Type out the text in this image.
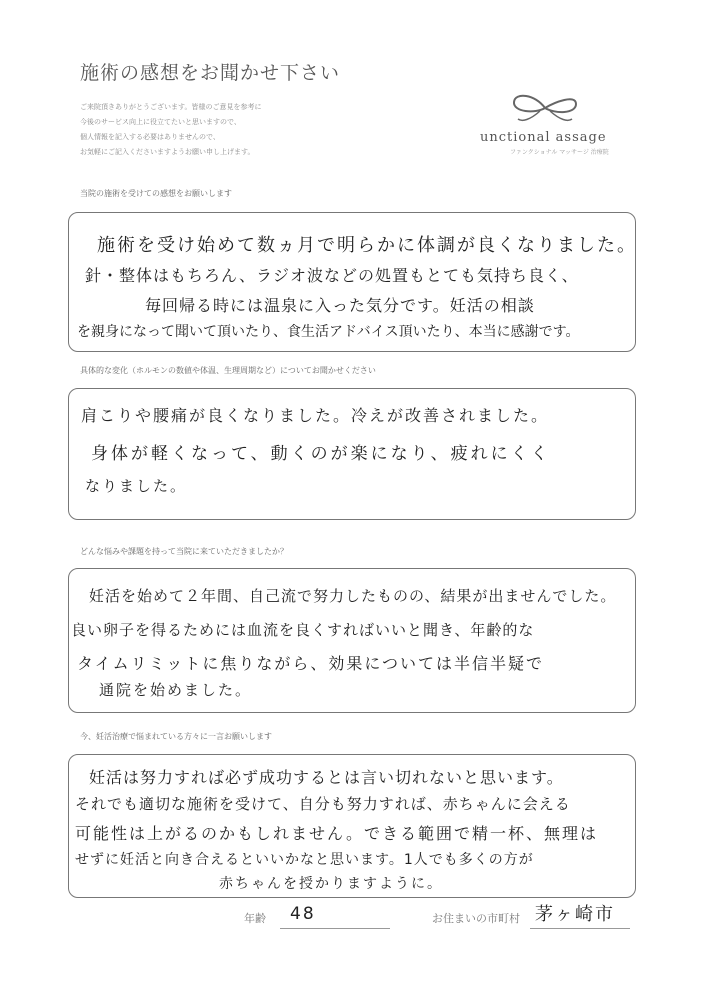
施術の感想をお聞かせ下さい
ご来院頂きありがとうございます。皆様のご意見を参考に
今後のサービス向上に役立てたいと思いますので、
個人情報を記入する必要はありませんので、
お気軽にご記入くださいますようお願い申し上げます。
unctional assage
ファンクショナル マッサージ 治療院
当院の施術を受けての感想をお願いします
施術を受け始めて数ヵ月で明らかに体調が良くなりました。
針・整体はもちろん、ラジオ波などの処置もとても気持ち良く、
毎回帰る時には温泉に入った気分です。妊活の相談
を親身になって聞いて頂いたり、食生活アドバイス頂いたり、本当に感謝です。
具体的な変化（ホルモンの数値や体温、生理周期など）についてお聞かせください
肩こりや腰痛が良くなりました。冷えが改善されました。
身体が軽くなって、動くのが楽になり、疲れにくく
なりました。
どんな悩みや課題を持って当院に来ていただきましたか？
妊活を始めて２年間、自己流で努力したものの、結果が出ませんでした。
良い卵子を得るためには血流を良くすればいいと聞き、年齢的な
タイムリミットに焦りながら、効果については半信半疑で
通院を始めました。
今、妊活治療で悩まれている方々に一言お願いします
妊活は努力すれば必ず成功するとは言い切れないと思います。
それでも適切な施術を受けて、自分も努力すれば、赤ちゃんに会える
可能性は上がるのかもしれません。できる範囲で精一杯、無理は
せずに妊活と向き合えるといいかなと思います。1人でも多くの方が
赤ちゃんを授かりますように。
年齢 48	お住まいの市町村 茅ヶ崎市
